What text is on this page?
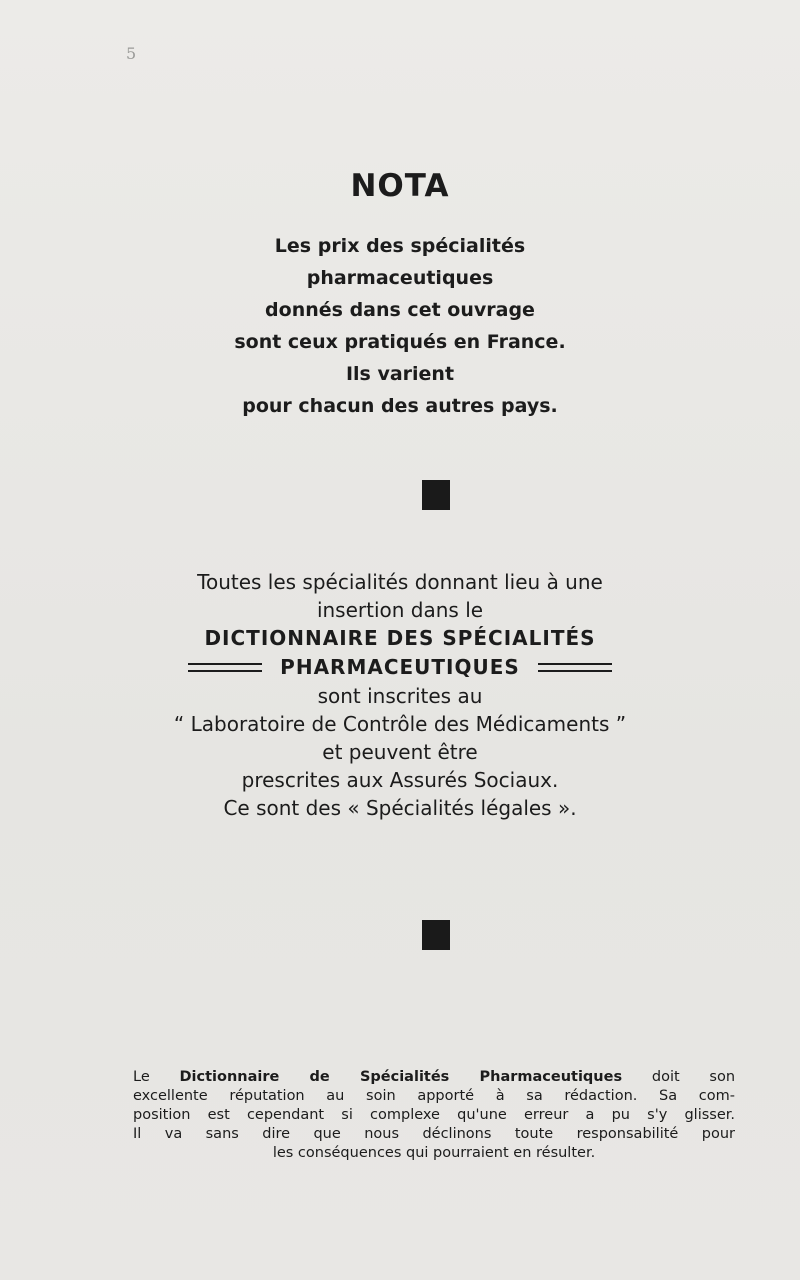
5
NOTA
Les prix des spécialités
pharmaceutiques
donnés dans cet ouvrage
sont ceux pratiqués en France.
Ils varient
pour chacun des autres pays.
Toutes les spécialités donnant lieu à une
insertion dans le
DICTIONNAIRE DES SPÉCIALITÉS
PHARMACEUTIQUES
sont inscrites au
“ Laboratoire de Contrôle des Médicaments ”
et peuvent être
prescrites aux Assurés Sociaux.
Ce sont des « Spécialités légales ».
Le Dictionnaire de Spécialités Pharmaceutiques doit son
excellente réputation au soin apporté à sa rédaction. Sa com-
position est cependant si complexe qu'une erreur a pu s'y glisser.
Il va sans dire que nous déclinons toute responsabilité pour
les conséquences qui pourraient en résulter.
